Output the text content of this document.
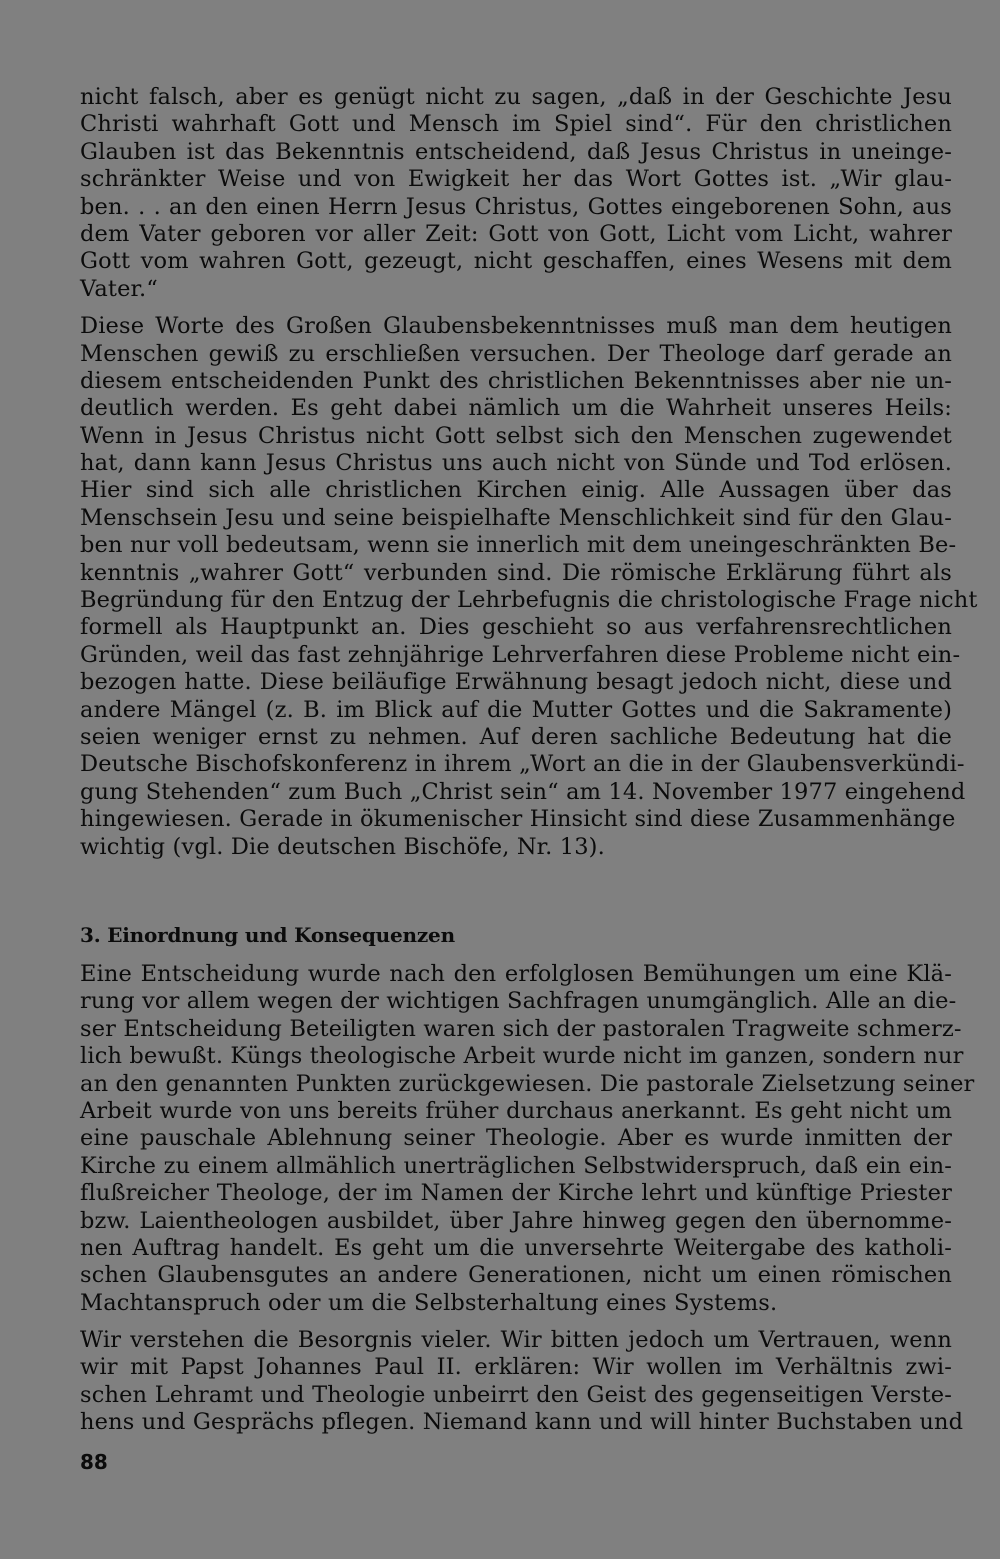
nicht falsch, aber es genügt nicht zu sagen, „daß in der Geschichte Jesu
Christi wahrhaft Gott und Mensch im Spiel sind“. Für den christlichen
Glauben ist das Bekenntnis entscheidend, daß Jesus Christus in uneinge-
schränkter Weise und von Ewigkeit her das Wort Gottes ist. „Wir glau-
ben. . . an den einen Herrn Jesus Christus, Gottes eingeborenen Sohn, aus
dem Vater geboren vor aller Zeit: Gott von Gott, Licht vom Licht, wahrer
Gott vom wahren Gott, gezeugt, nicht geschaffen, eines Wesens mit dem
Vater.“
Diese Worte des Großen Glaubensbekenntnisses muß man dem heutigen
Menschen gewiß zu erschließen versuchen. Der Theologe darf gerade an
diesem entscheidenden Punkt des christlichen Bekenntnisses aber nie un-
deutlich werden. Es geht dabei nämlich um die Wahrheit unseres Heils:
Wenn in Jesus Christus nicht Gott selbst sich den Menschen zugewendet
hat, dann kann Jesus Christus uns auch nicht von Sünde und Tod erlösen.
Hier sind sich alle christlichen Kirchen einig. Alle Aussagen über das
Menschsein Jesu und seine beispielhafte Menschlichkeit sind für den Glau-
ben nur voll bedeutsam, wenn sie innerlich mit dem uneingeschränkten Be-
kenntnis „wahrer Gott“ verbunden sind. Die römische Erklärung führt als
Begründung für den Entzug der Lehrbefugnis die christologische Frage nicht
formell als Hauptpunkt an. Dies geschieht so aus verfahrensrechtlichen
Gründen, weil das fast zehnjährige Lehrverfahren diese Probleme nicht ein-
bezogen hatte. Diese beiläufige Erwähnung besagt jedoch nicht, diese und
andere Mängel (z. B. im Blick auf die Mutter Gottes und die Sakramente)
seien weniger ernst zu nehmen. Auf deren sachliche Bedeutung hat die
Deutsche Bischofskonferenz in ihrem „Wort an die in der Glaubensverkündi-
gung Stehenden“ zum Buch „Christ sein“ am 14. November 1977 eingehend
hingewiesen. Gerade in ökumenischer Hinsicht sind diese Zusammenhänge
wichtig (vgl. Die deutschen Bischöfe, Nr. 13).
3. Einordnung und Konsequenzen
Eine Entscheidung wurde nach den erfolglosen Bemühungen um eine Klä-
rung vor allem wegen der wichtigen Sachfragen unumgänglich. Alle an die-
ser Entscheidung Beteiligten waren sich der pastoralen Tragweite schmerz-
lich bewußt. Küngs theologische Arbeit wurde nicht im ganzen, sondern nur
an den genannten Punkten zurückgewiesen. Die pastorale Zielsetzung seiner
Arbeit wurde von uns bereits früher durchaus anerkannt. Es geht nicht um
eine pauschale Ablehnung seiner Theologie. Aber es wurde inmitten der
Kirche zu einem allmählich unerträglichen Selbstwiderspruch, daß ein ein-
flußreicher Theologe, der im Namen der Kirche lehrt und künftige Priester
bzw. Laientheologen ausbildet, über Jahre hinweg gegen den übernomme-
nen Auftrag handelt. Es geht um die unversehrte Weitergabe des katholi-
schen Glaubensgutes an andere Generationen, nicht um einen römischen
Machtanspruch oder um die Selbsterhaltung eines Systems.
Wir verstehen die Besorgnis vieler. Wir bitten jedoch um Vertrauen, wenn
wir mit Papst Johannes Paul II. erklären: Wir wollen im Verhältnis zwi-
schen Lehramt und Theologie unbeirrt den Geist des gegenseitigen Verste-
hens und Gesprächs pflegen. Niemand kann und will hinter Buchstaben und
88
